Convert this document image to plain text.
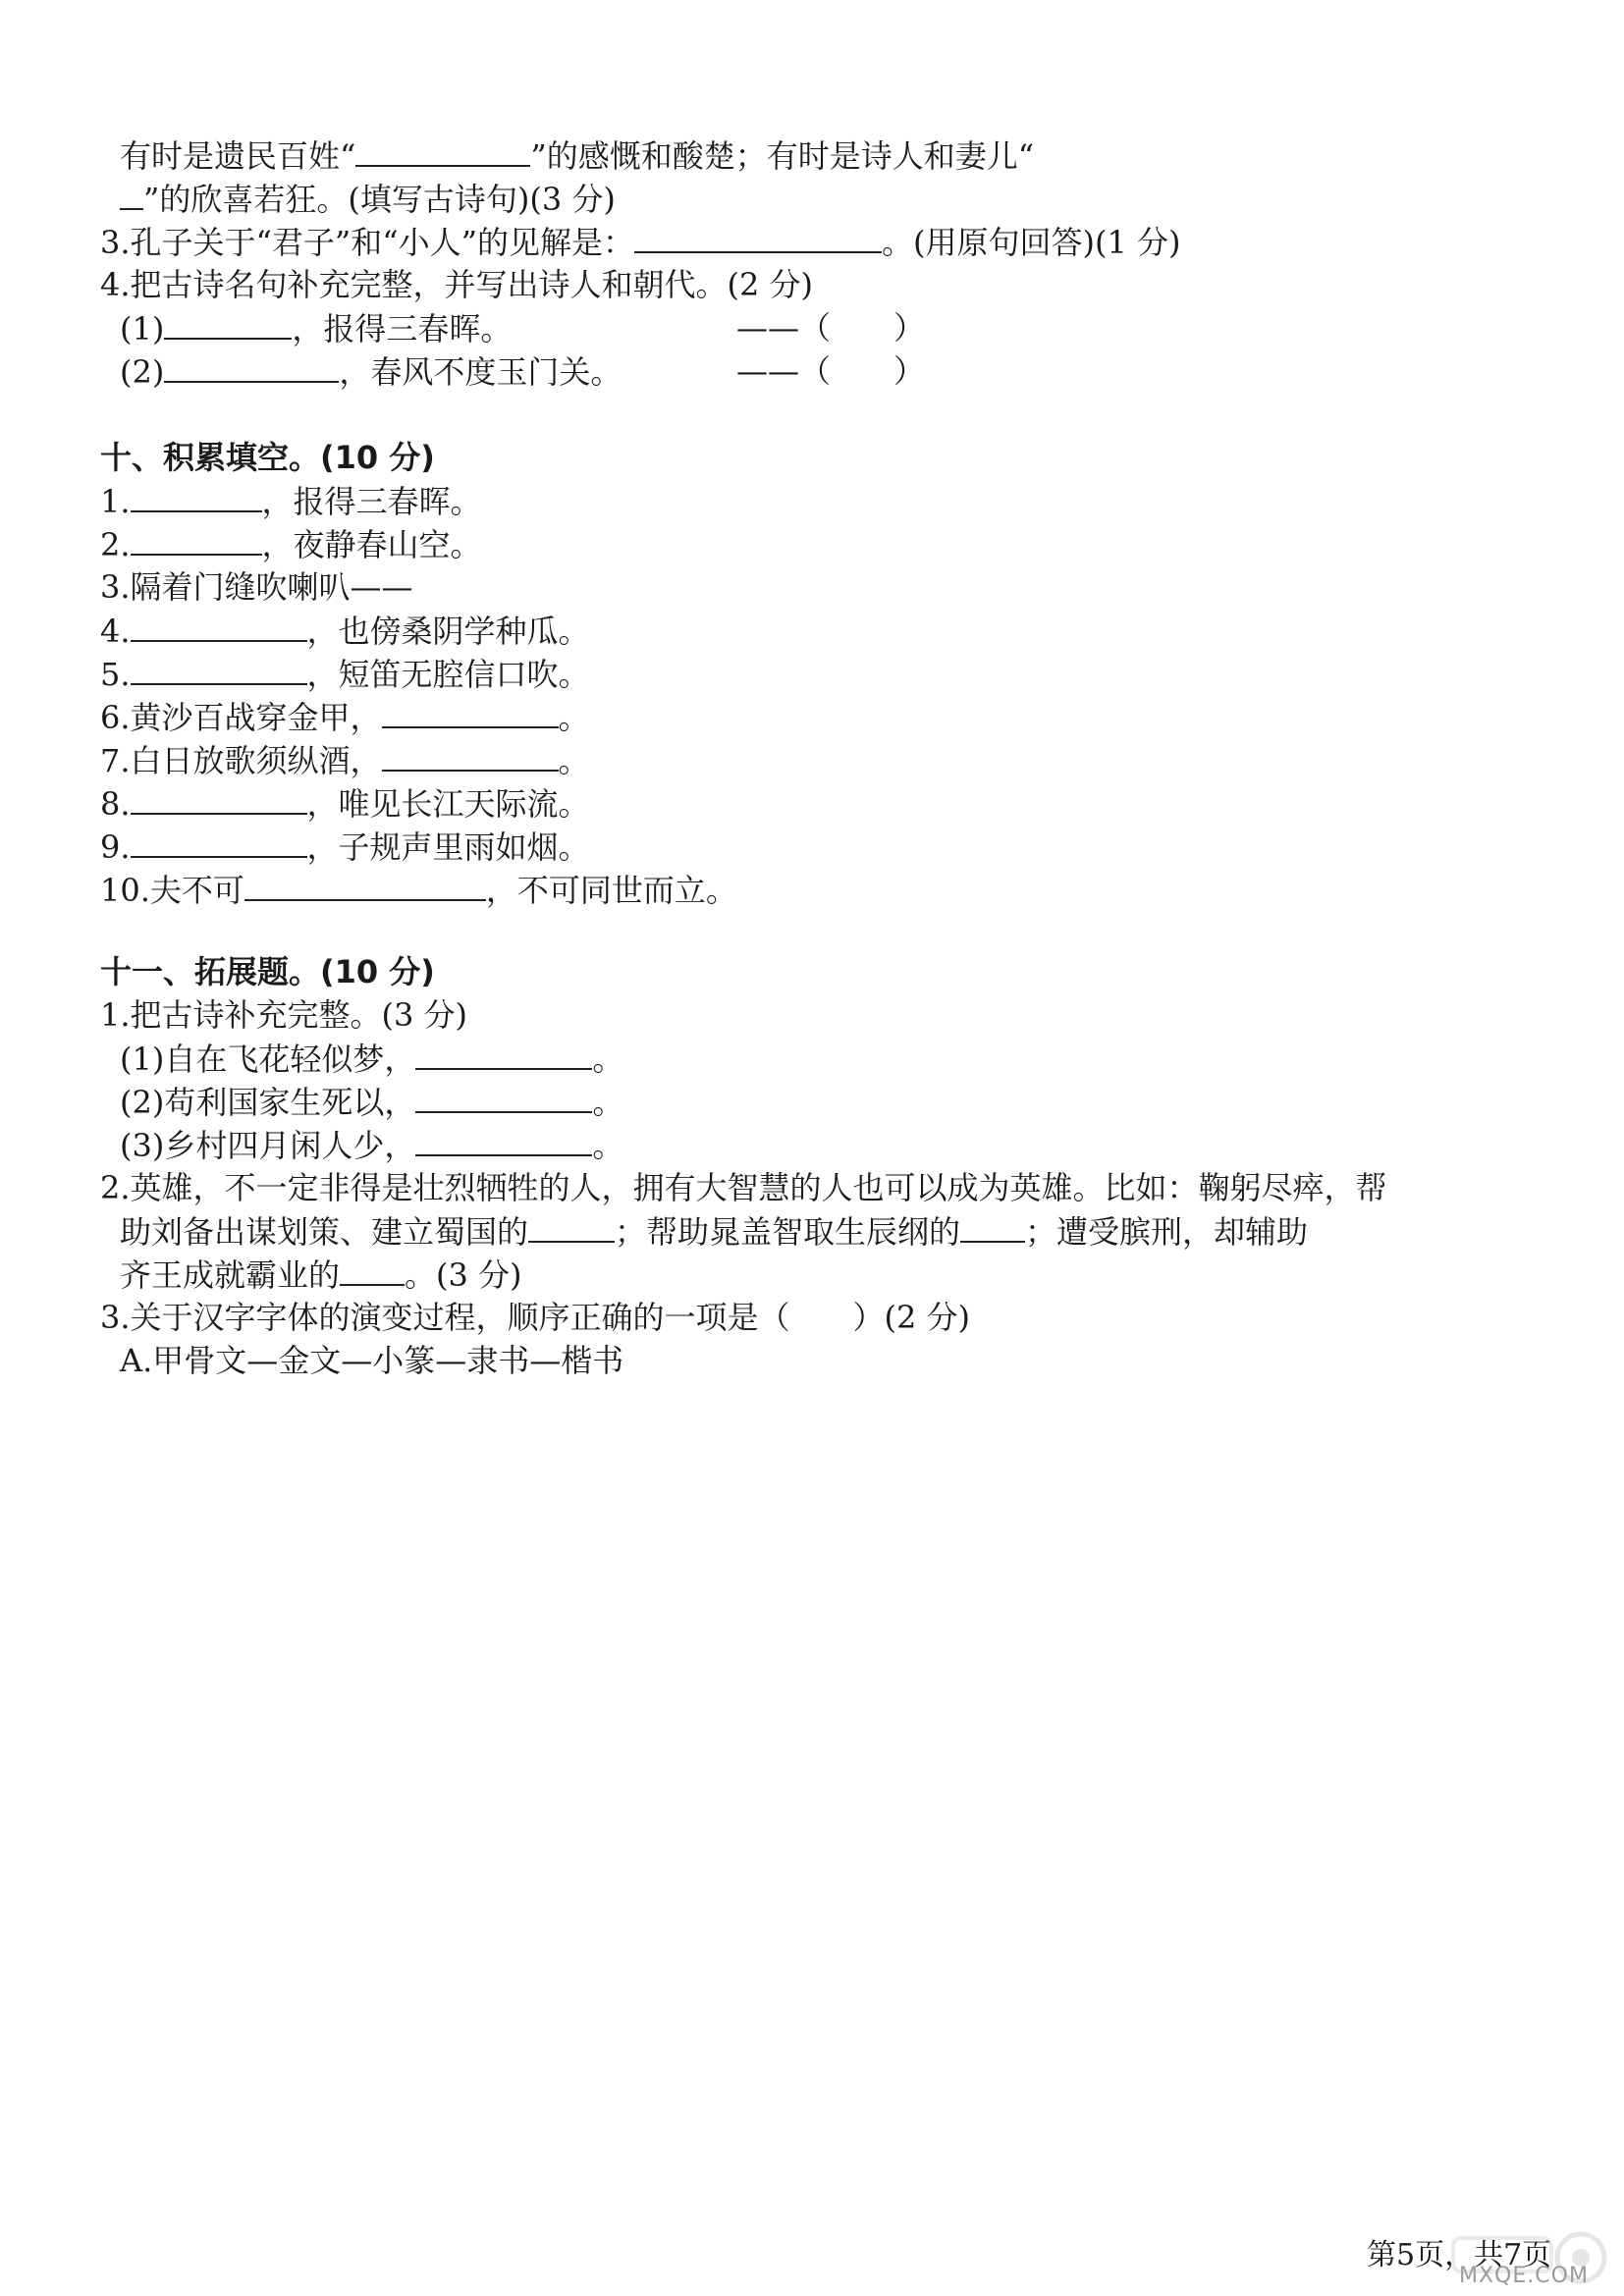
有时是遗民百姓“	”的感慨和酸楚；有时是诗人和妻儿“
”的欣喜若狂。(填写古诗句)(3 分)
3.孔子关于“君子”和“小人”的见解是：	。(用原句回答)(1 分)
4.把古诗名句补充完整，并写出诗人和朝代。(2 分)
(1)	，报得三春晖。	——（　　）
(2)	，春风不度玉门关。	——（　　）
十、积累填空。(10 分)
1.	，报得三春晖。
2.	，夜静春山空。
3.隔着门缝吹喇叭——
4.	，也傍桑阴学种瓜。
5.	，短笛无腔信口吹。
6.黄沙百战穿金甲，	。
7.白日放歌须纵酒，	。
8.	，唯见长江天际流。
9.	，子规声里雨如烟。
10.夫不可	，不可同世而立。
十一、拓展题。(10 分)
1.把古诗补充完整。(3 分)
(1)自在飞花轻似梦，	。
(2)苟利国家生死以，	。
(3)乡村四月闲人少，	。
2.英雄，不一定非得是壮烈牺牲的人，拥有大智慧的人也可以成为英雄。比如：鞠躬尽瘁，帮
助刘备出谋划策、建立蜀国的	；帮助晁盖智取生辰纲的 ；遭受膑刑，却辅助
齐王成就霸业的 。(3 分)
3.关于汉字字体的演变过程，顺序正确的一项是（　　）(2 分)
A.甲骨文—金文—小篆—隶书—楷书
第5页，共7页
MXQE.COM
